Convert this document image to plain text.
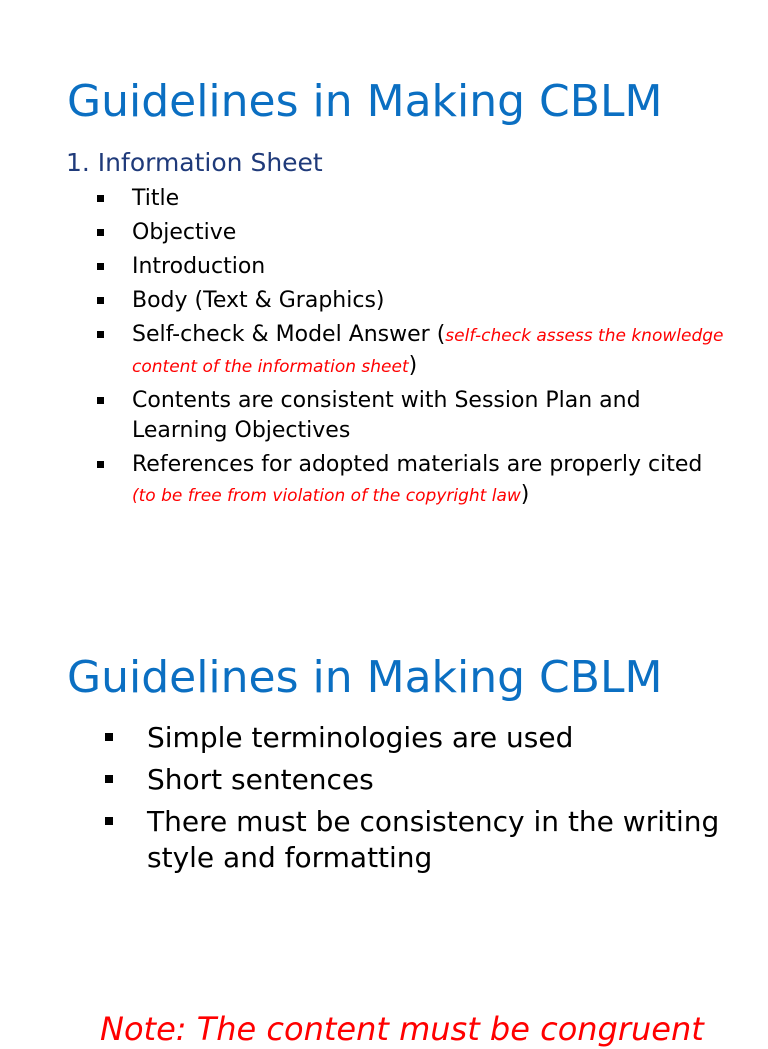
Guidelines in Making CBLM
1. Information Sheet
Title
Objective
Introduction
Body (Text & Graphics)
Self-check & Model Answer (self-check assess the knowledge content of the information sheet)
Contents are consistent with Session Plan and Learning Objectives
References for adopted materials are properly cited (to be free from violation of the copyright law)
Guidelines in Making CBLM
Simple terminologies are used
Short sentences
There must be consistency in the writing style and formatting

Note: The content must be congruent
